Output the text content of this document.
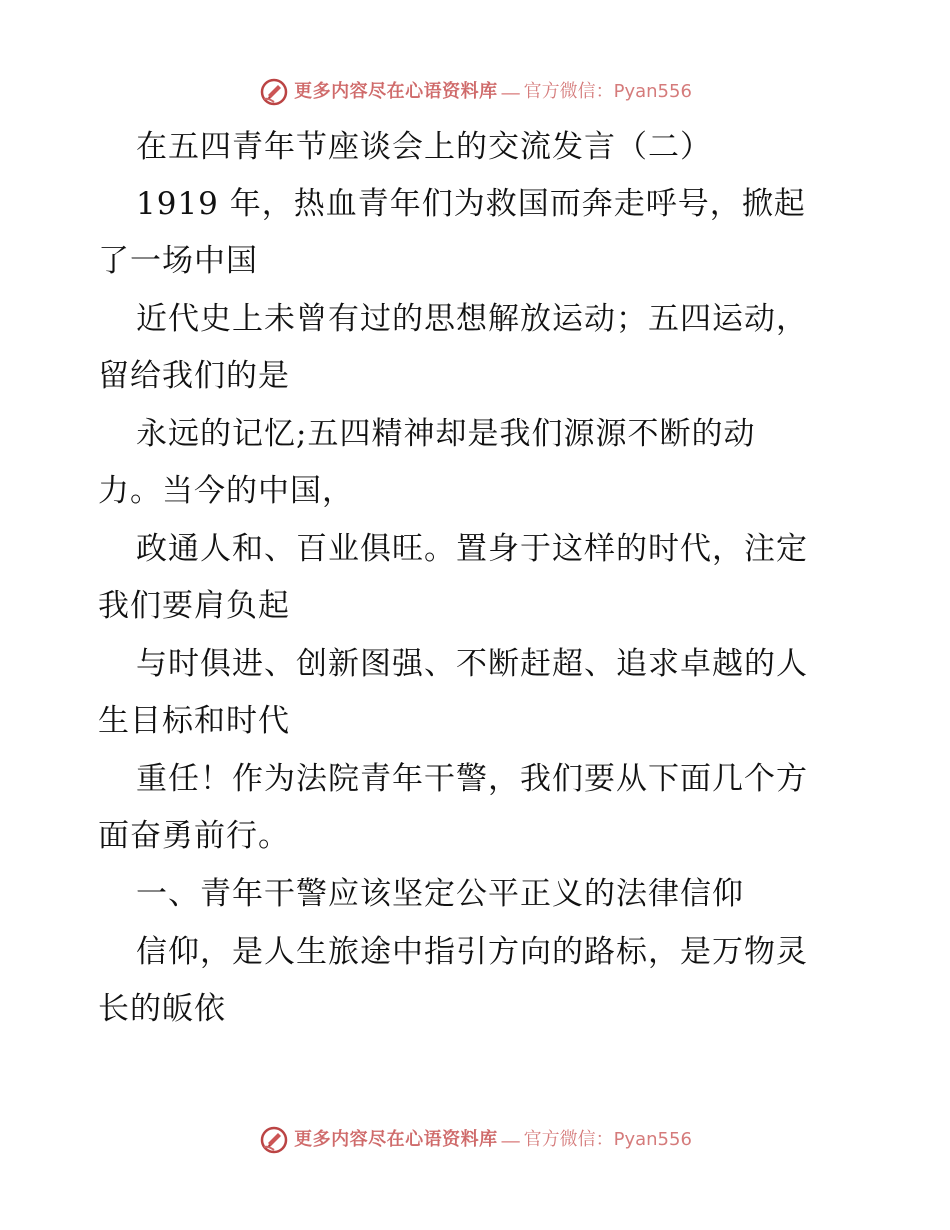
更多内容尽在心语资料库 — 官方微信：Pyan556
在五四青年节座谈会上的交流发言（二）
1919 年，热血青年们为救国而奔走呼号，掀起
了一场中国
近代史上未曾有过的思想解放运动；五四运动，
留给我们的是
永远的记忆;五四精神却是我们源源不断的动
力。当今的中国，
政通人和、百业俱旺。置身于这样的时代，注定
我们要肩负起
与时俱进、创新图强、不断赶超、追求卓越的人
生目标和时代
重任！作为法院青年干警，我们要从下面几个方
面奋勇前行。
一、青年干警应该坚定公平正义的法律信仰
信仰，是人生旅途中指引方向的路标，是万物灵
长的皈依
更多内容尽在心语资料库 — 官方微信：Pyan556
